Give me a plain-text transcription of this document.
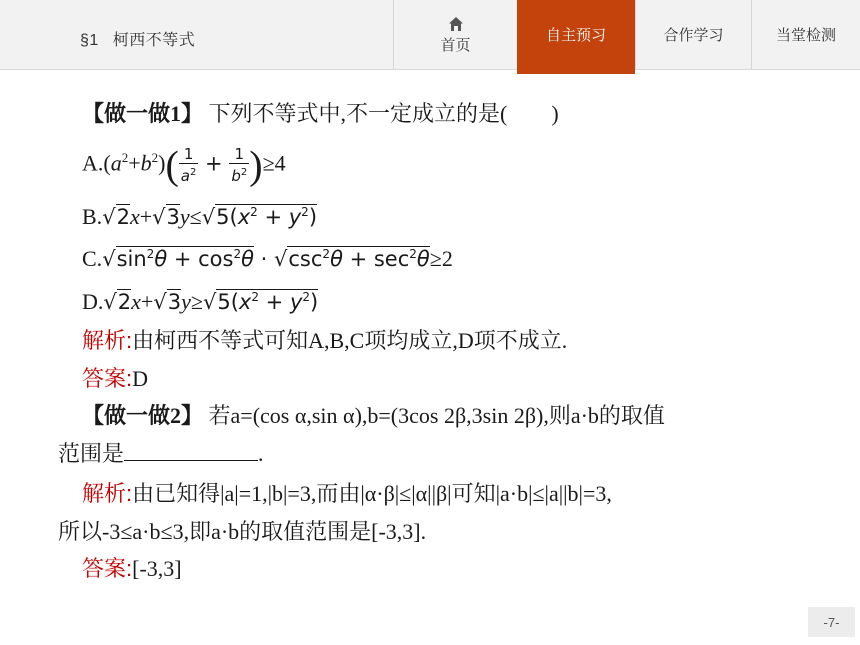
§1 柯西不等式	首页
自主预习	合作学习	当堂检测
【做一做1】 下列不等式中,不一定成立的是( )
$A.(a^2+b^2)( \frac{1}{a^2} + \frac{1}{b^2} )\ge 4$
$B.√2x+√3y\le√5(x^2 + y^2)$
$C.√\sin^2\theta + \cos^2\theta \cdot √\csc^2\theta + \sec^2\theta\ge 2$
$D.√2x+√3y\ge√5(x^2 + y^2)$
解析:由柯西不等式可知A,B,C项均成立,D项不成立.
答案:D
【做一做2】 若a=(cos α,sin α),b=(3cos 2β,3sin 2β),则a·b的取值
范围是	.
解析:由已知得|a|=1,|b|=3,而由|α·β|≤|α||β|可知|a·b|≤|a||b|=3,
所以-3≤a·b≤3,即a·b的取值范围是[-3,3].
答案:[-3,3]
-7-
